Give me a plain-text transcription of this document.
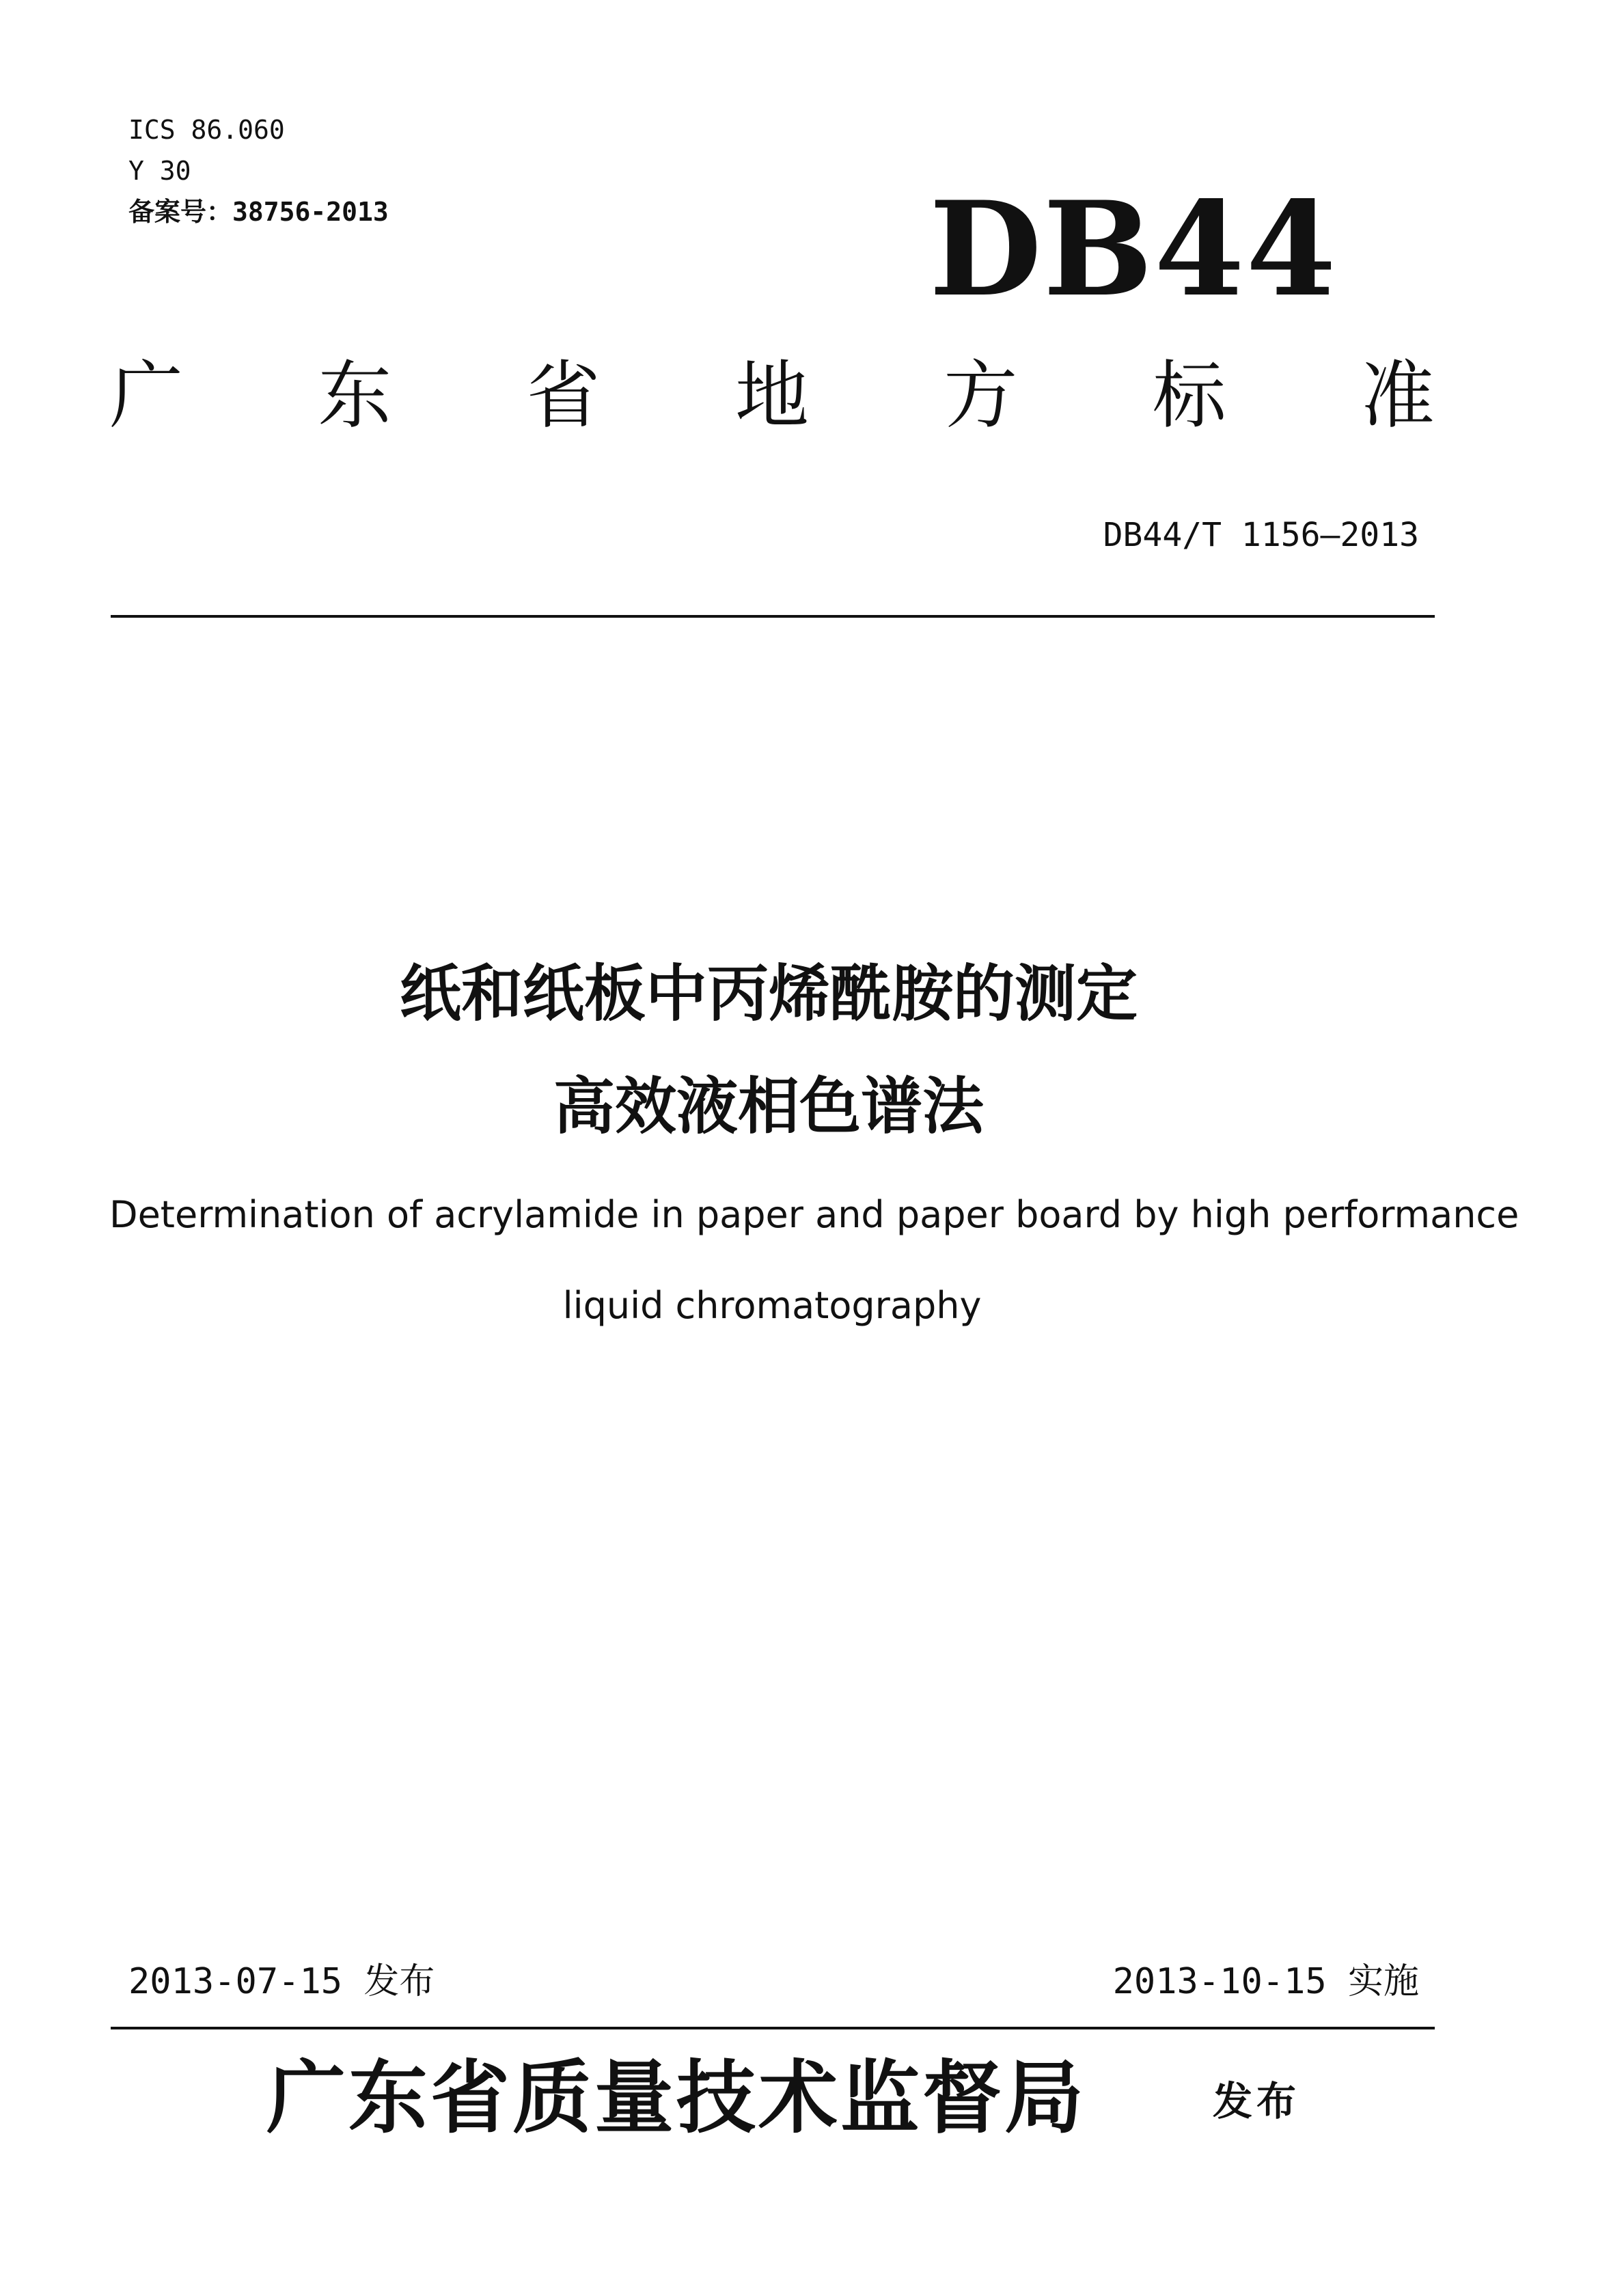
ICS 86.060
Y 30
备案号：38756-2013	DB44
广 东 省 地 方 标 准
DB44/T 1156—2013
纸和纸板中丙烯酰胺的测定
高效液相色谱法
Determination of acrylamide in paper and paper board by high performance
liquid chromatography
2013-07-15 发布	2013-10-15 实施
广东省质量技术监督局	发布
